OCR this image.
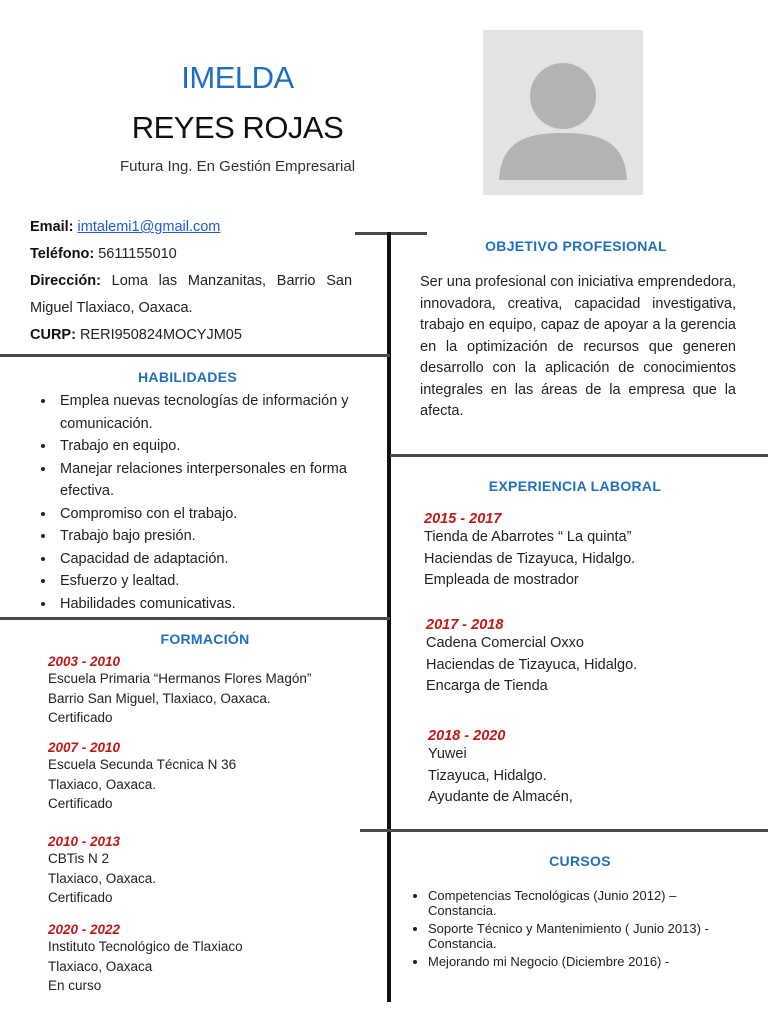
IMELDA
REYES ROJAS
Futura Ing. En Gestión Empresarial
Email: imtalemi1@gmail.com
Teléfono: 5611155010
Dirección: Loma las Manzanitas, Barrio San Miguel Tlaxiaco, Oaxaca.
CURP: RERI950824MOCYJM05
OBJETIVO PROFESIONAL
Ser una profesional con iniciativa emprendedora, innovadora, creativa, capacidad investigativa, trabajo en equipo, capaz de apoyar a la gerencia en la optimización de recursos que generen desarrollo con la aplicación de conocimientos integrales en las áreas de la empresa que la afecta.
HABILIDADES
• Emplea nuevas tecnologías de información y comunicación.
• Trabajo en equipo.
• Manejar relaciones interpersonales en forma efectiva.
• Compromiso con el trabajo.
• Trabajo bajo presión.
• Capacidad de adaptación.
• Esfuerzo y lealtad.
• Habilidades comunicativas.
FORMACIÓN
2003 - 2010
Escuela Primaria “Hermanos Flores Magón”
Barrio San Miguel, Tlaxiaco, Oaxaca.
Certificado
2007 - 2010
Escuela Secunda Técnica N 36
Tlaxiaco, Oaxaca.
Certificado
2010 - 2013
CBTis N 2
Tlaxiaco, Oaxaca.
Certificado
2020 - 2022
Instituto Tecnológico de Tlaxiaco
Tlaxiaco, Oaxaca
En curso
EXPERIENCIA LABORAL
2015 - 2017
Tienda de Abarrotes “ La quinta”
Haciendas de Tizayuca, Hidalgo.
Empleada de mostrador
2017 - 2018
Cadena Comercial Oxxo
Haciendas de Tizayuca, Hidalgo.
Encarga de Tienda
2018 - 2020
Yuwei
Tizayuca, Hidalgo.
Ayudante de Almacén,
CURSOS
• Competencias Tecnológicas (Junio 2012) – Constancia.
• Soporte Técnico y Mantenimiento ( Junio 2013) - Constancia.
• Mejorando mi Negocio (Diciembre 2016) -
